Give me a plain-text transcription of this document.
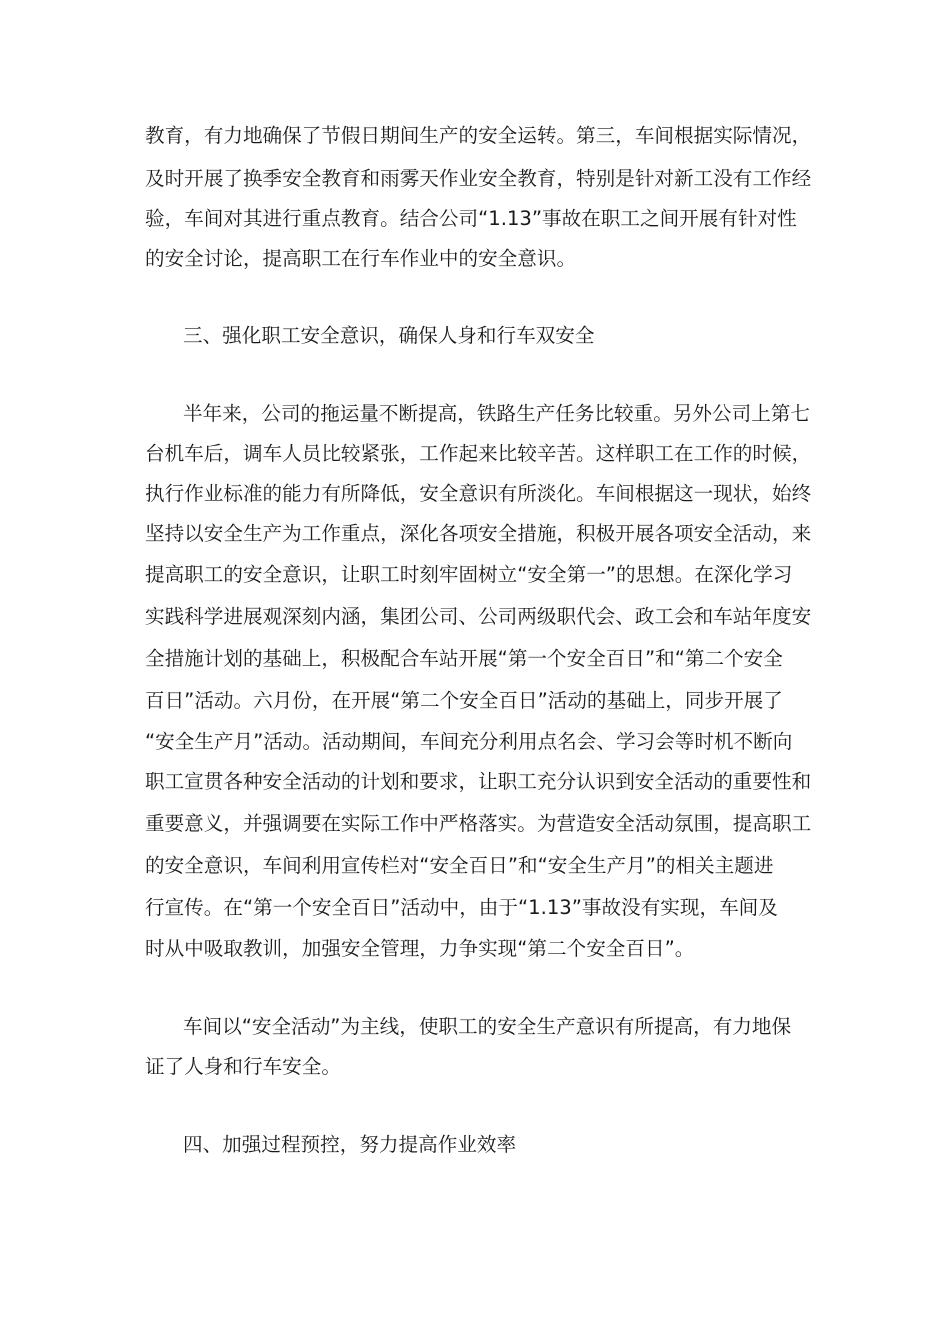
教育，有力地确保了节假日期间生产的安全运转。第三，车间根据实际情况，

及时开展了换季安全教育和雨雾天作业安全教育，特别是针对新工没有工作经

验，车间对其进行重点教育。结合公司“1.13”事故在职工之间开展有针对性

的安全讨论，提高职工在行车作业中的安全意识。

三、强化职工安全意识，确保人身和行车双安全

半年来，公司的拖运量不断提高，铁路生产任务比较重。另外公司上第七

台机车后，调车人员比较紧张，工作起来比较辛苦。这样职工在工作的时候，

执行作业标准的能力有所降低，安全意识有所淡化。车间根据这一现状，始终

坚持以安全生产为工作重点，深化各项安全措施，积极开展各项安全活动，来

提高职工的安全意识，让职工时刻牢固树立“安全第一”的思想。在深化学习

实践科学进展观深刻内涵，集团公司、公司两级职代会、政工会和车站年度安

全措施计划的基础上，积极配合车站开展“第一个安全百日”和“第二个安全

百日”活动。六月份，在开展“第二个安全百日”活动的基础上，同步开展了

“安全生产月”活动。活动期间，车间充分利用点名会、学习会等时机不断向

职工宣贯各种安全活动的计划和要求，让职工充分认识到安全活动的重要性和

重要意义，并强调要在实际工作中严格落实。为营造安全活动氛围，提高职工

的安全意识，车间利用宣传栏对“安全百日”和“安全生产月”的相关主题进

行宣传。在“第一个安全百日”活动中，由于“1.13”事故没有实现，车间及

时从中吸取教训，加强安全管理，力争实现“第二个安全百日”。

车间以“安全活动”为主线，使职工的安全生产意识有所提高，有力地保

证了人身和行车安全。

四、加强过程预控，努力提高作业效率
